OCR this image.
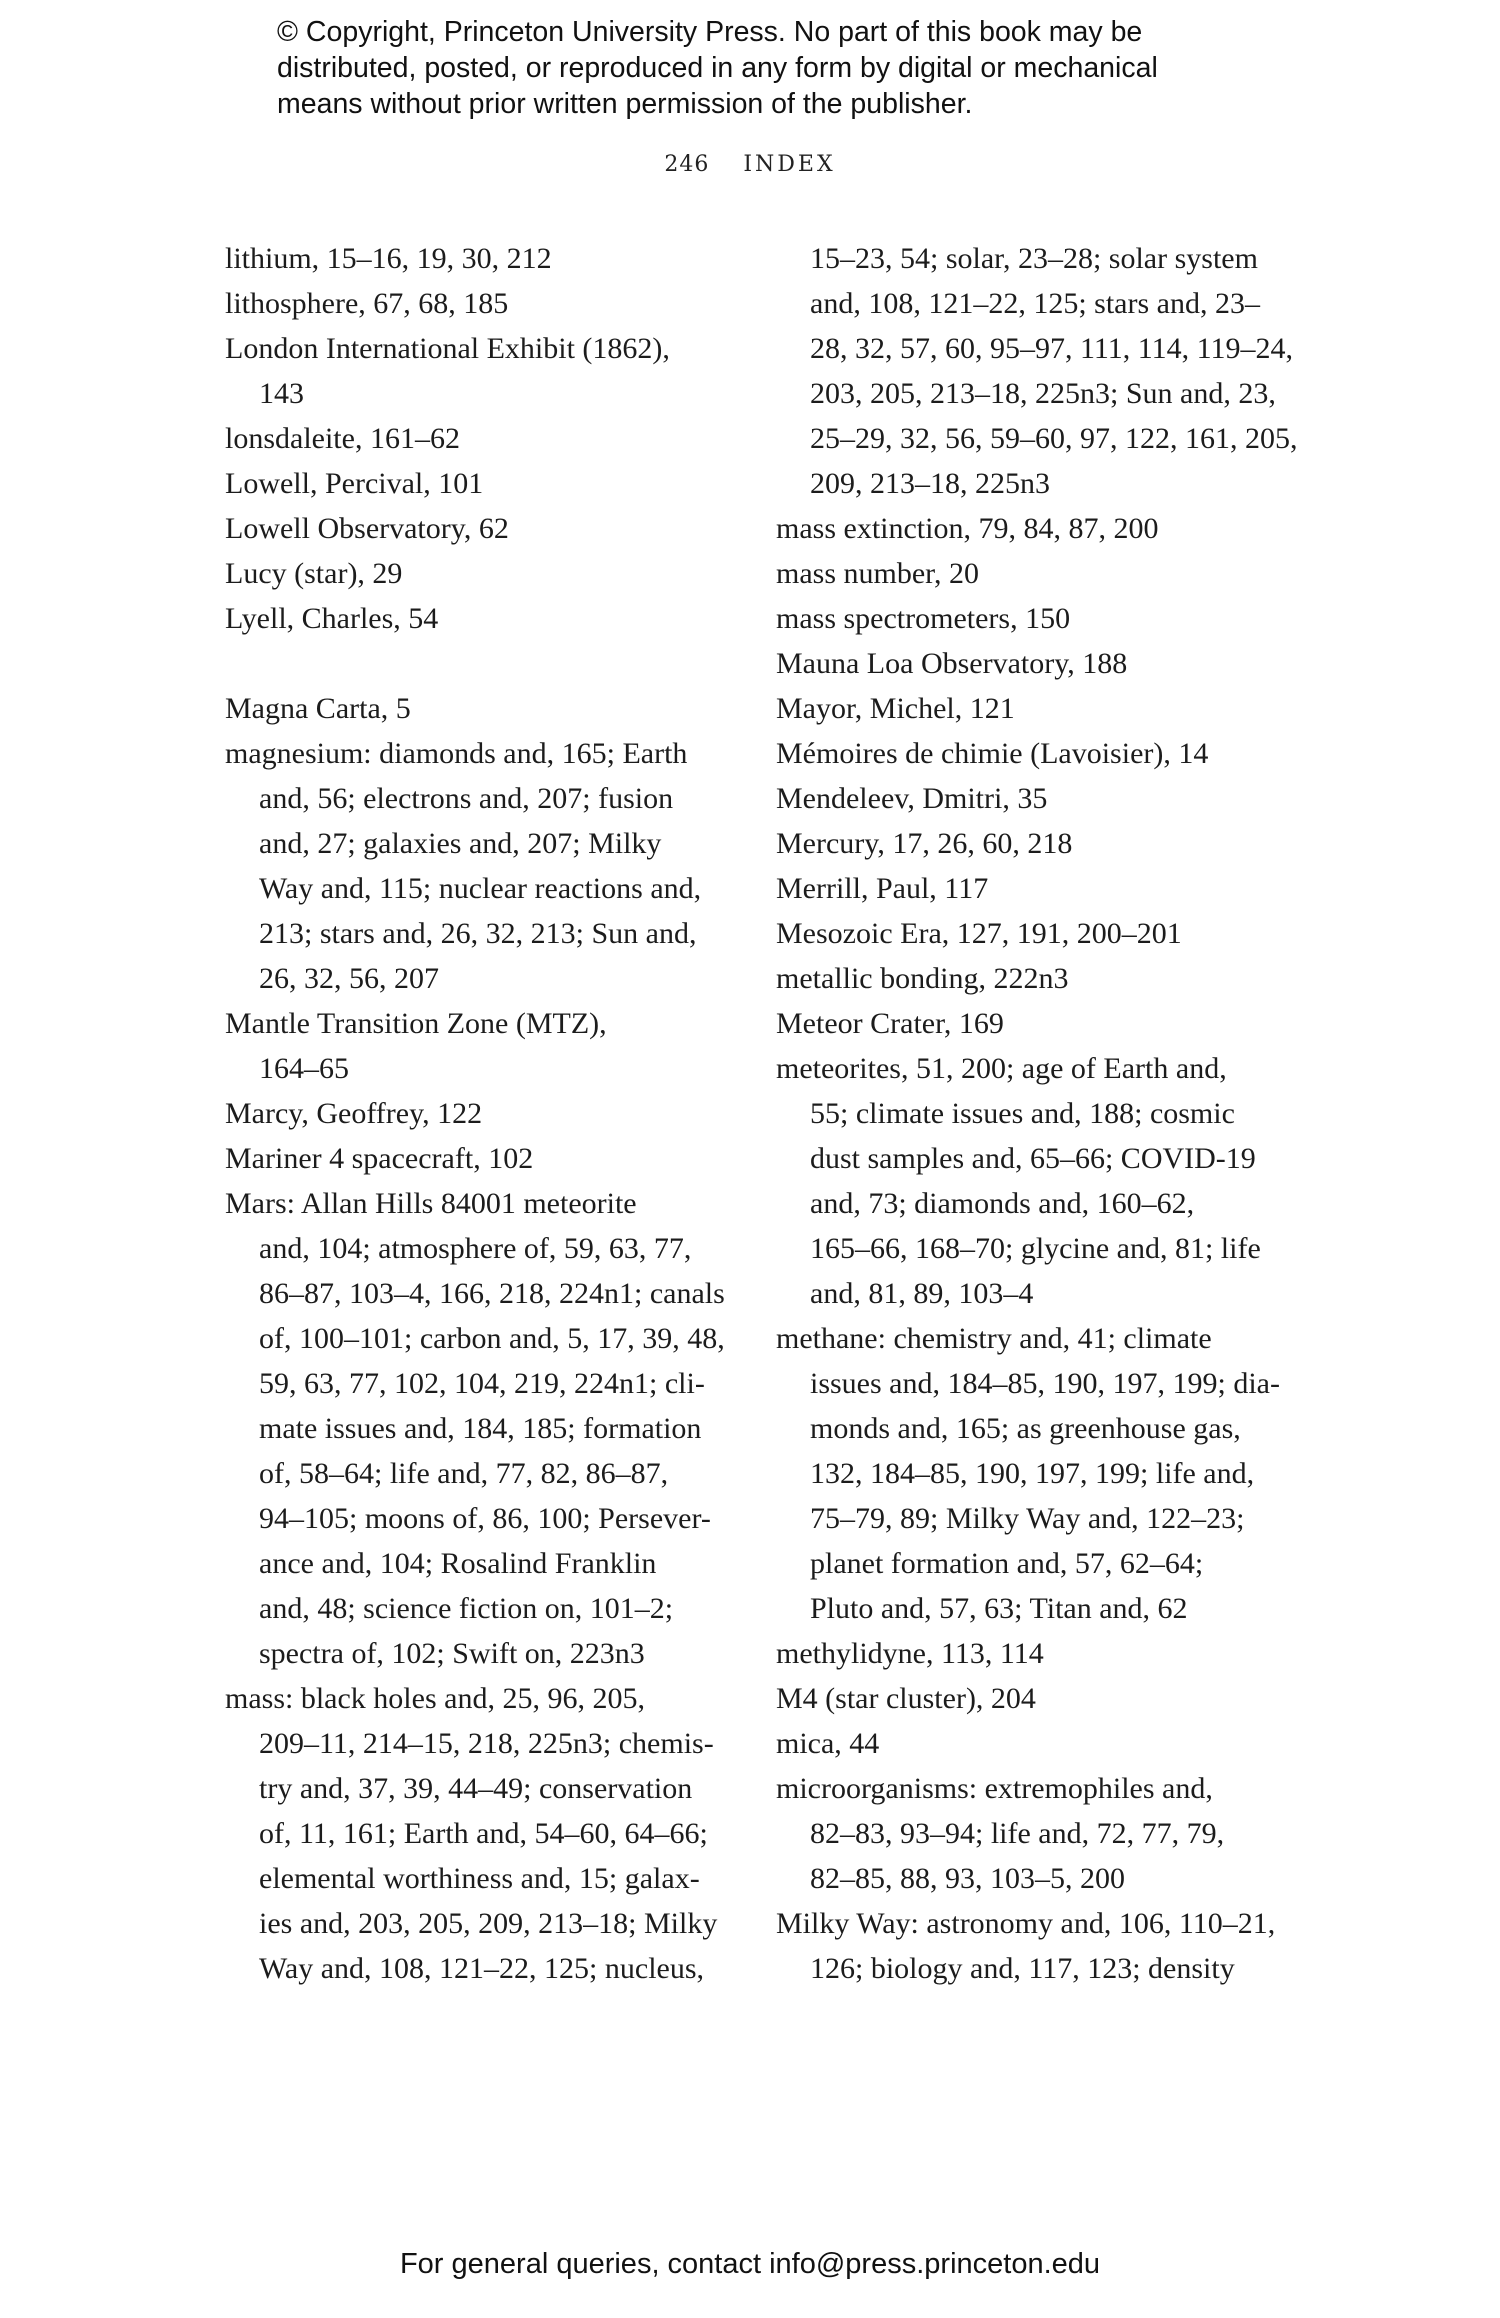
© Copyright, Princeton University Press. No part of this book may be
distributed, posted, or reproduced in any form by digital or mechanical
means without prior written permission of the publisher.
246 INDEX
lithium, 15–16, 19, 30, 212
lithosphere, 67, 68, 185
London International Exhibit (1862),
143
lonsdaleite, 161–62
Lowell, Percival, 101
Lowell Observatory, 62
Lucy (star), 29
Lyell, Charles, 54
Magna Carta, 5
magnesium: diamonds and, 165; Earth
and, 56; electrons and, 207; fusion
and, 27; galaxies and, 207; Milky
Way and, 115; nuclear reactions and,
213; stars and, 26, 32, 213; Sun and,
26, 32, 56, 207
Mantle Transition Zone (MTZ),
164–65
Marcy, Geoffrey, 122
Mariner 4 spacecraft, 102
Mars: Allan Hills 84001 meteorite
and, 104; atmosphere of, 59, 63, 77,
86–87, 103–4, 166, 218, 224n1; canals
of, 100–101; carbon and, 5, 17, 39, 48,
59, 63, 77, 102, 104, 219, 224n1; cli-
mate issues and, 184, 185; formation
of, 58–64; life and, 77, 82, 86–87,
94–105; moons of, 86, 100; Persever-
ance and, 104; Rosalind Franklin
and, 48; science fiction on, 101–2;
spectra of, 102; Swift on, 223n3
mass: black holes and, 25, 96, 205,
209–11, 214–15, 218, 225n3; chemis-
try and, 37, 39, 44–49; conservation
of, 11, 161; Earth and, 54–60, 64–66;
elemental worthiness and, 15; galax-
ies and, 203, 205, 209, 213–18; Milky
Way and, 108, 121–22, 125; nucleus,
15–23, 54; solar, 23–28; solar system
and, 108, 121–22, 125; stars and, 23–
28, 32, 57, 60, 95–97, 111, 114, 119–24,
203, 205, 213–18, 225n3; Sun and, 23,
25–29, 32, 56, 59–60, 97, 122, 161, 205,
209, 213–18, 225n3
mass extinction, 79, 84, 87, 200
mass number, 20
mass spectrometers, 150
Mauna Loa Observatory, 188
Mayor, Michel, 121
Mémoires de chimie (Lavoisier), 14
Mendeleev, Dmitri, 35
Mercury, 17, 26, 60, 218
Merrill, Paul, 117
Mesozoic Era, 127, 191, 200–201
metallic bonding, 222n3
Meteor Crater, 169
meteorites, 51, 200; age of Earth and,
55; climate issues and, 188; cosmic
dust samples and, 65–66; COVID-19
and, 73; diamonds and, 160–62,
165–66, 168–70; glycine and, 81; life
and, 81, 89, 103–4
methane: chemistry and, 41; climate
issues and, 184–85, 190, 197, 199; dia-
monds and, 165; as greenhouse gas,
132, 184–85, 190, 197, 199; life and,
75–79, 89; Milky Way and, 122–23;
planet formation and, 57, 62–64;
Pluto and, 57, 63; Titan and, 62
methylidyne, 113, 114
M4 (star cluster), 204
mica, 44
microorganisms: extremophiles and,
82–83, 93–94; life and, 72, 77, 79,
82–85, 88, 93, 103–5, 200
Milky Way: astronomy and, 106, 110–21,
126; biology and, 117, 123; density
For general queries, contact info@press.princeton.edu
